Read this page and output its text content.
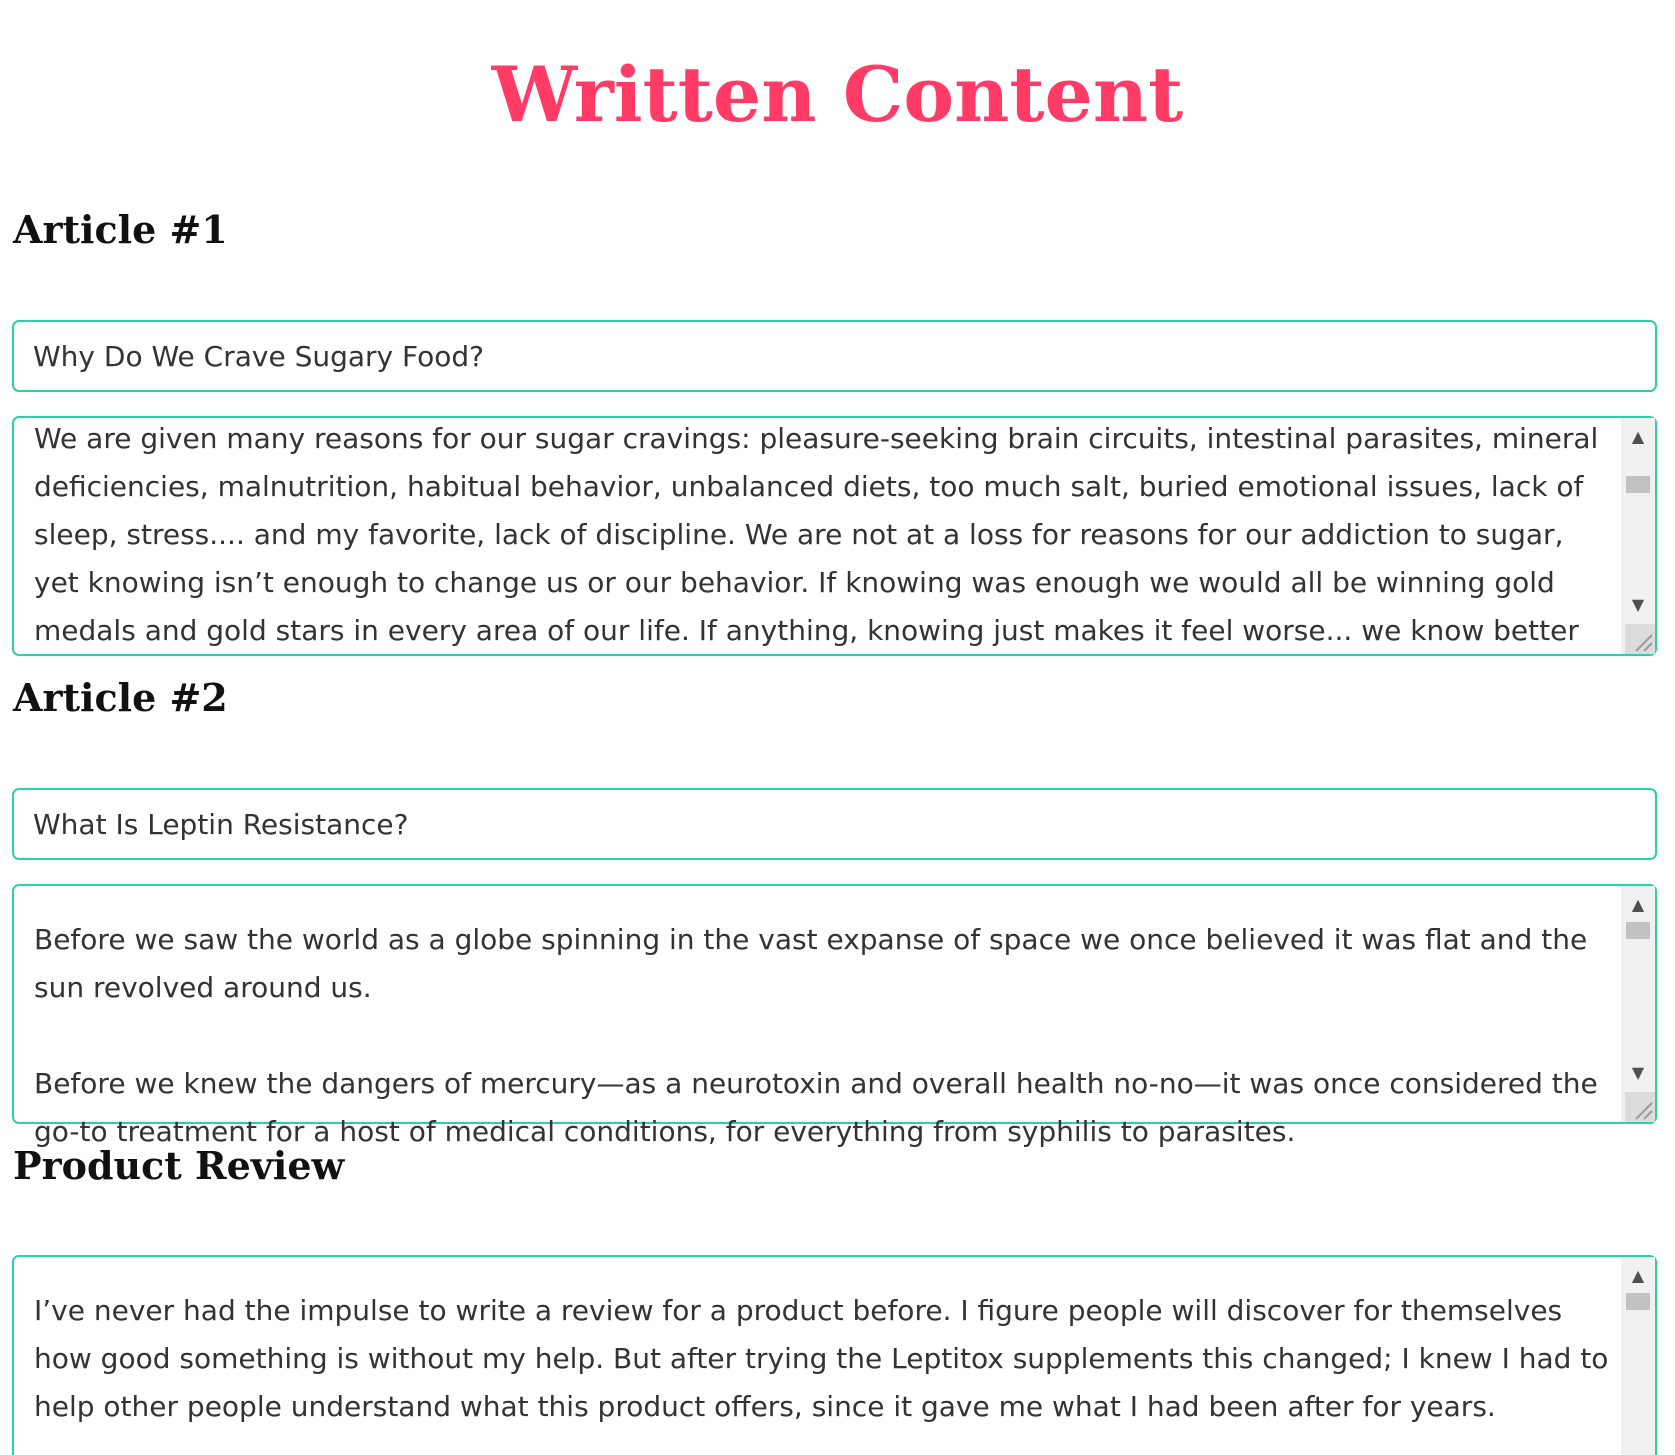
Written Content
Article #1
Why Do We Crave Sugary Food?
We are given many reasons for our sugar cravings: pleasure-seeking brain circuits, intestinal parasites, mineral deficiencies, malnutrition, habitual behavior, unbalanced diets, too much salt, buried emotional issues, lack of sleep, stress.... and my favorite, lack of discipline. We are not at a loss for reasons for our addiction to sugar, yet knowing isn’t enough to change us or our behavior. If knowing was enough we would all be winning gold medals and gold stars in every area of our life. If anything, knowing just makes it feel worse... we know better
▲
▼
Article #2
What Is Leptin Resistance?
Before we saw the world as a globe spinning in the vast expanse of space we once believed it was flat and the sun revolved around us.

Before we knew the dangers of mercury—as a neurotoxin and overall health no-no—it was once considered the go-to treatment for a host of medical conditions, for everything from syphilis to parasites.
▲
▼
Product Review
I’ve never had the impulse to write a review for a product before. I figure people will discover for themselves how good something is without my help. But after trying the Leptitox supplements this changed; I knew I had to help other people understand what this product offers, since it gave me what I had been after for years.
▲
